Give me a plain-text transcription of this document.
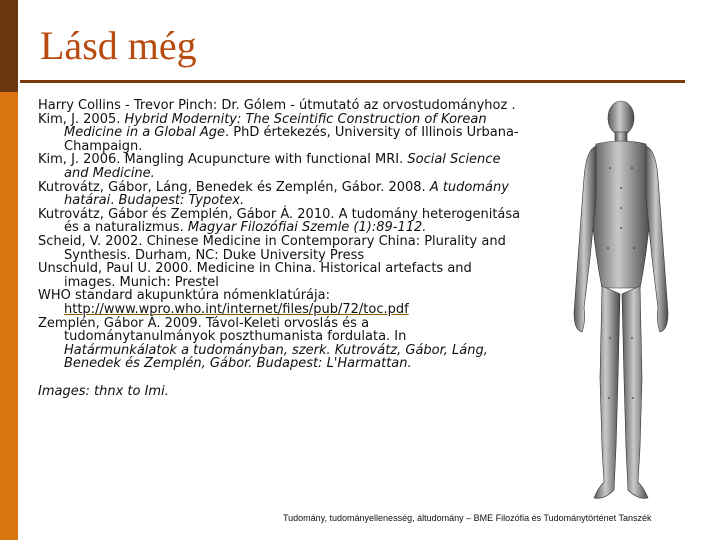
Lásd még

Harry Collins - Trevor Pinch: Dr. Gólem - útmutató az orvostudományhoz .

Kim, J. 2005. Hybrid Modernity: The Sceintific Construction of Korean Medicine in a Global Age. PhD értekezés, University of Illinois Urbana-Champaign.

Kim, J. 2006. Mangling Acupuncture with functional MRI. Social Science and Medicine.

Kutrovátz, Gábor, Láng, Benedek és Zemplén, Gábor. 2008. A tudomány határai. Budapest: Typotex.

Kutrovátz, Gábor és Zemplén, Gábor Á. 2010. A tudomány heterogenitása és a naturalizmus. Magyar Filozófiai Szemle (1):89-112.

Scheid, V. 2002. Chinese Medicine in Contemporary China: Plurality and Synthesis. Durham, NC: Duke University Press

Unschuld, Paul U. 2000. Medicine in China. Historical artefacts and images. Munich: Prestel

WHO standard akupunktúra nómenklatúrája: http://www.wpro.who.int/internet/files/pub/72/toc.pdf

Zemplén, Gábor Á. 2009. Távol-Keleti orvoslás és a tudománytanulmányok poszthumanista fordulata. In Határmunkálatok a tudományban, szerk. Kutrovátz, Gábor, Láng, Benedek és Zemplén, Gábor. Budapest: L'Harmattan.

Images: thnx to Imi.
Tudomány, tudományellenesség, áltudomány – BME Filozófia és Tudománytörténet Tanszék
